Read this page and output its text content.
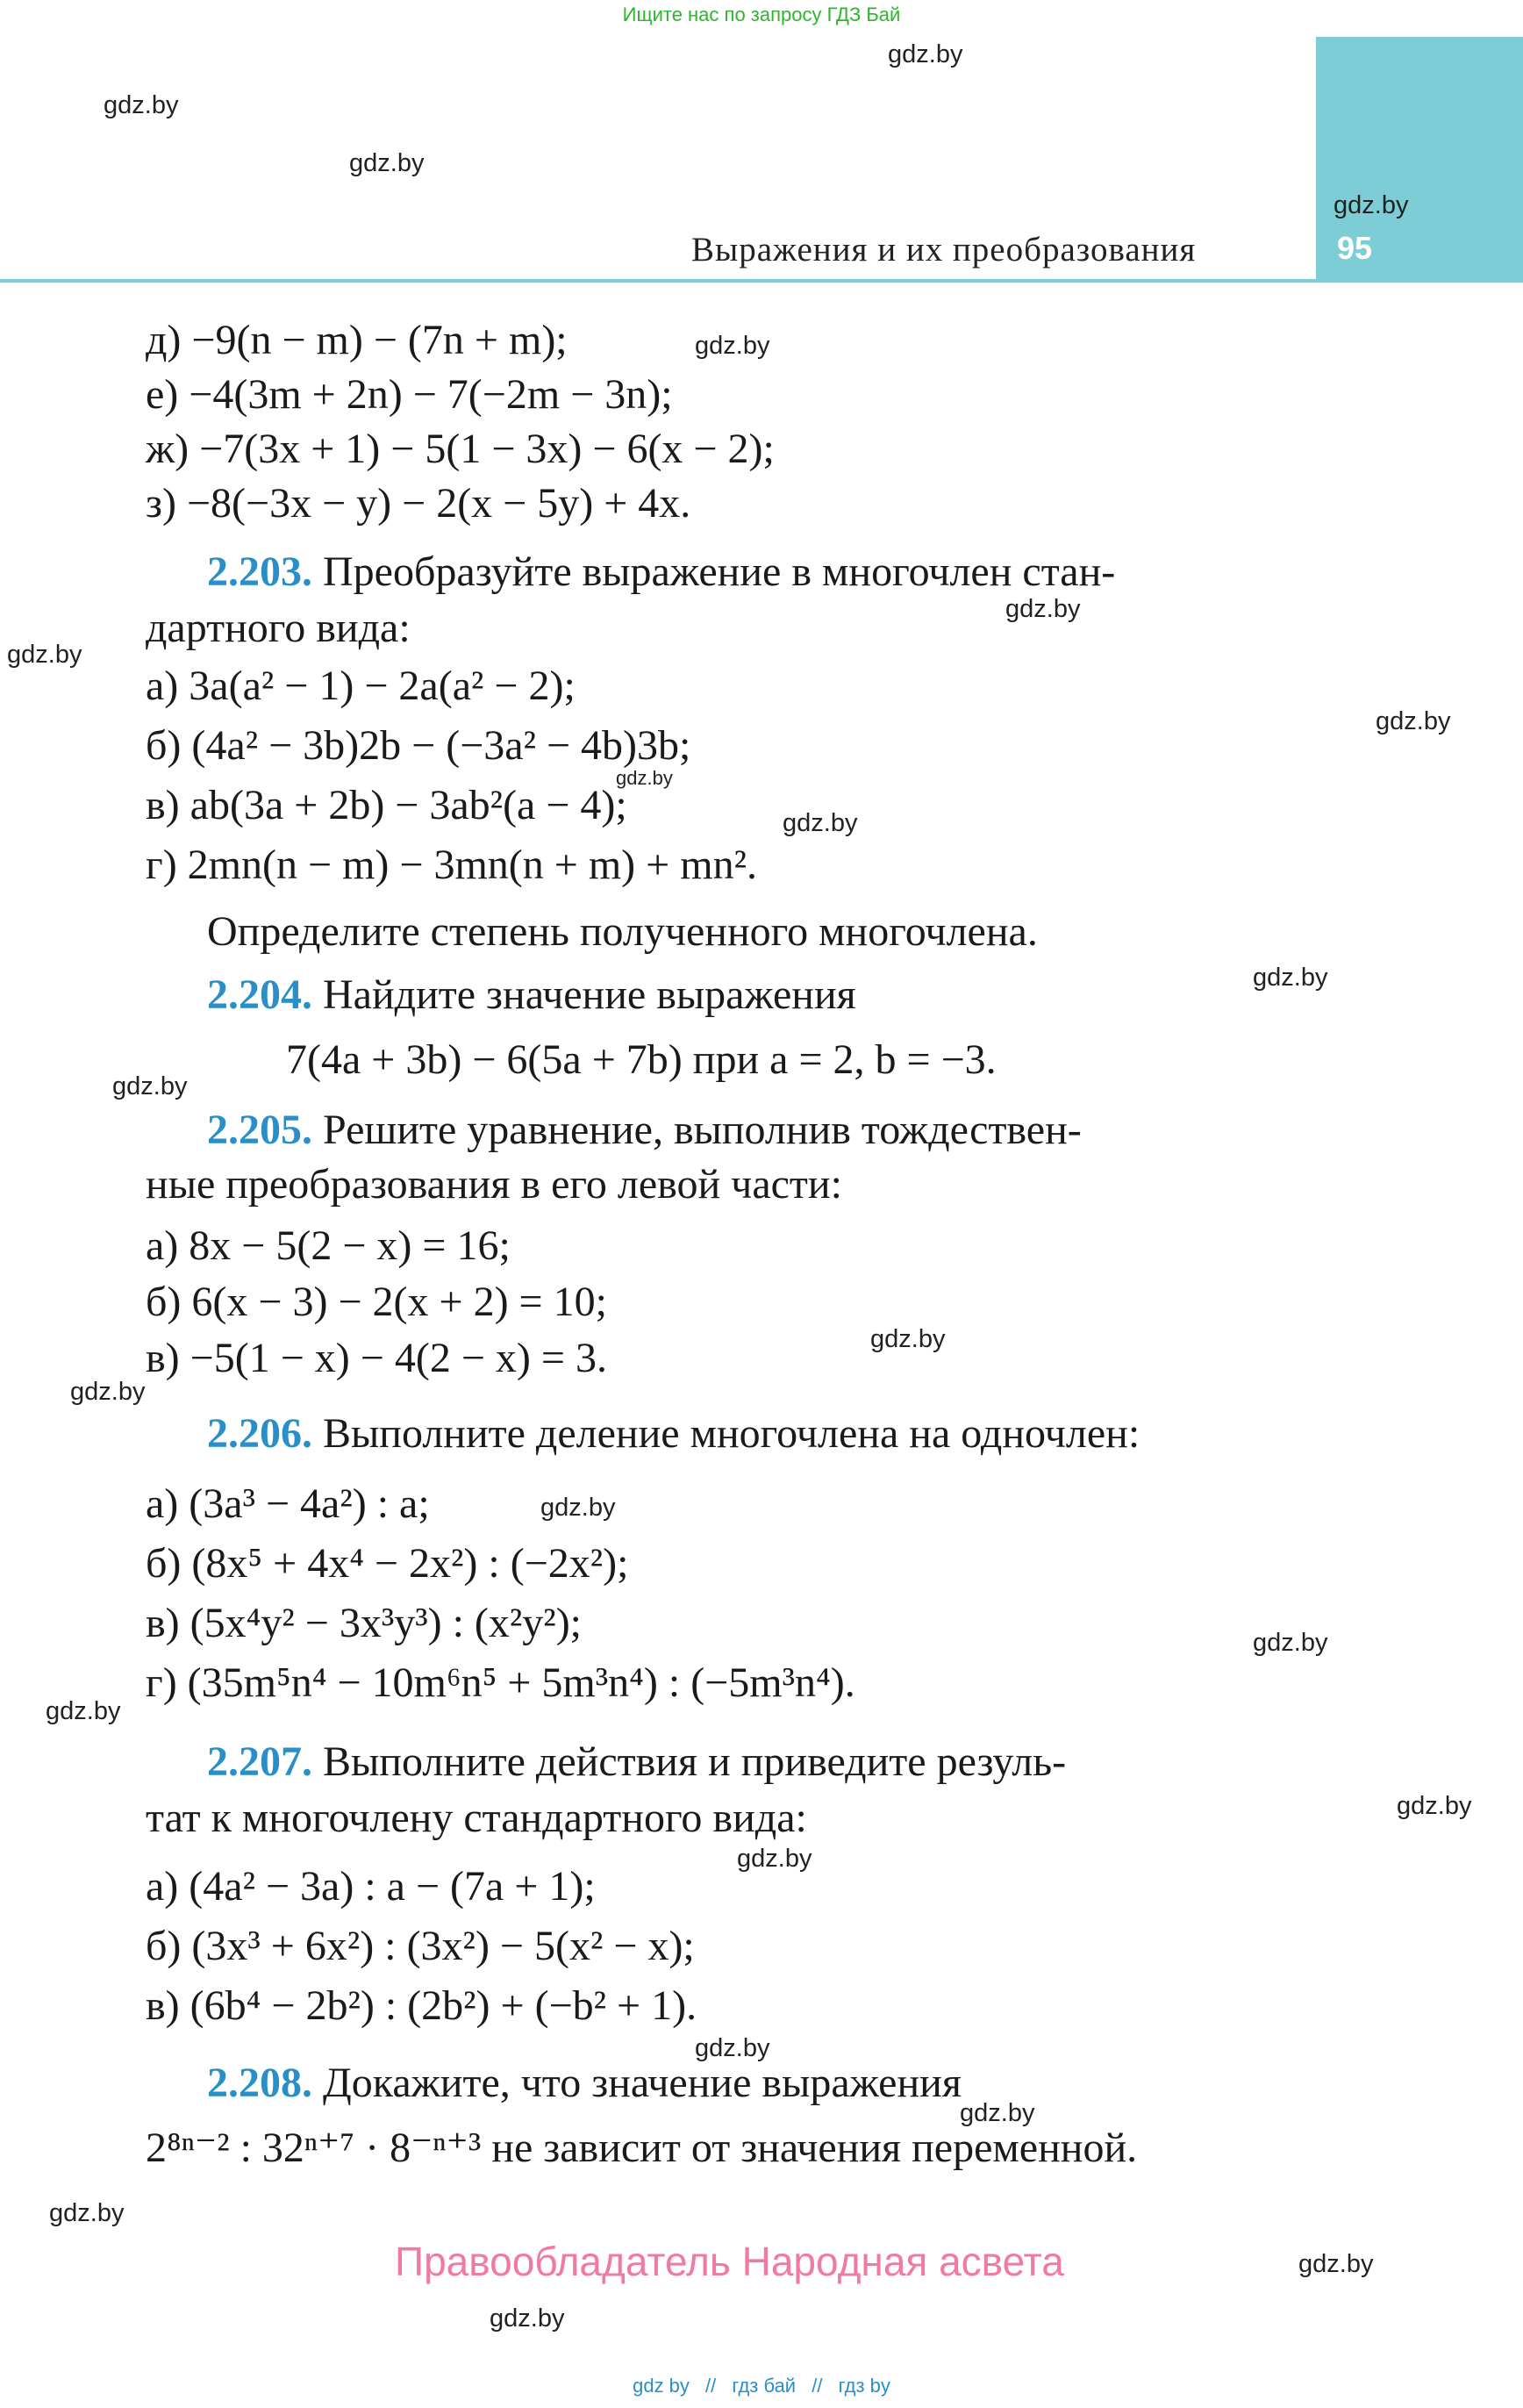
Ищите нас по запросу ГДЗ Бай
Выражения и их преобразования	95
gdz.by
gdz.by
gdz.by
gdz.by
gdz.by
gdz.by
gdz.by
gdz.by
gdz.by
gdz.by
gdz.by
gdz.by
gdz.by
gdz.by
gdz.by
gdz.by
gdz.by
gdz.by
gdz.by
gdz.by
gdz.by
gdz.by
gdz.by
gdz.by
д) −9(n − m) − (7n + m);
е) −4(3m + 2n) − 7(−2m − 3n);
ж) −7(3x + 1) − 5(1 − 3x) − 6(x − 2);
з) −8(−3x − y) − 2(x − 5y) + 4x.
2.203. Преобразуйте выражение в многочлен стан-
дартного вида:
а) 3a(a² − 1) − 2a(a² − 2);
б) (4a² − 3b)2b − (−3a² − 4b)3b;
в) ab(3a + 2b) − 3ab²(a − 4);
г) 2mn(n − m) − 3mn(n + m) + mn².
Определите степень полученного многочлена.
2.204. Найдите значение выражения
7(4a + 3b) − 6(5a + 7b) при a = 2, b = −3.
2.205. Решите уравнение, выполнив тождествен-
ные преобразования в его левой части:
а) 8x − 5(2 − x) = 16;
б) 6(x − 3) − 2(x + 2) = 10;
в) −5(1 − x) − 4(2 − x) = 3.
2.206. Выполните деление многочлена на одночлен:
а) (3a³ − 4a²) : a;
б) (8x⁵ + 4x⁴ − 2x²) : (−2x²);
в) (5x⁴y² − 3x³y³) : (x²y²);
г) (35m⁵n⁴ − 10m⁶n⁵ + 5m³n⁴) : (−5m³n⁴).
2.207. Выполните действия и приведите резуль-
тат к многочлену стандартного вида:
а) (4a² − 3a) : a − (7a + 1);
б) (3x³ + 6x²) : (3x²) − 5(x² − x);
в) (6b⁴ − 2b²) : (2b²) + (−b² + 1).
2.208. Докажите, что значение выражения
2⁸ⁿ⁻² : 32ⁿ⁺⁷ · 8⁻ⁿ⁺³ не зависит от значения переменной.
Правообладатель Народная асвета
gdz by // гдз бай // гдз by
